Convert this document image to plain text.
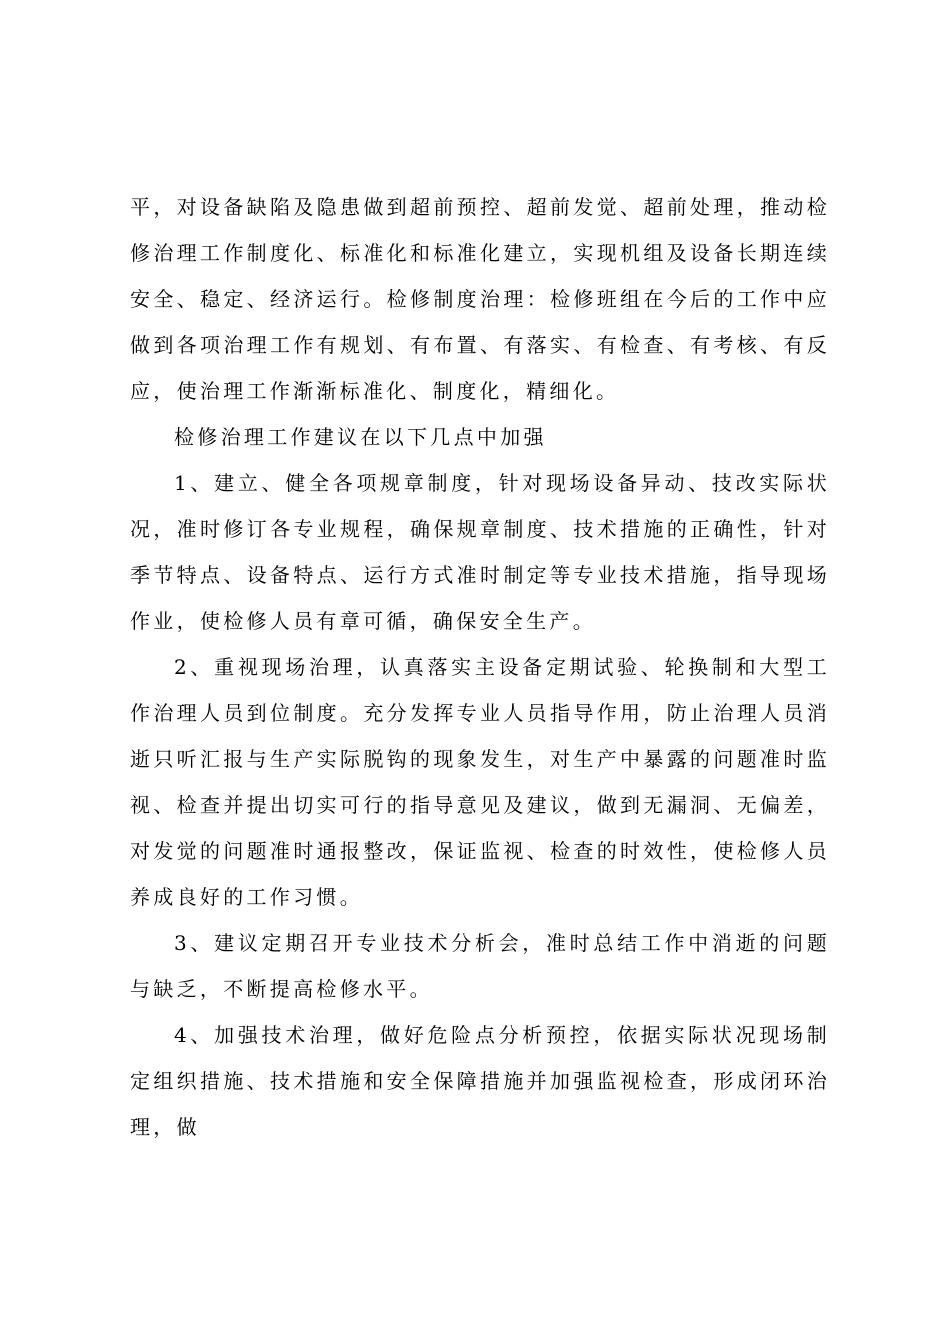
平，对设备缺陷及隐患做到超前预控、超前发觉、超前处理，推动检修治理工作制度化、标准化和标准化建立，实现机组及设备长期连续安全、稳定、经济运行。检修制度治理：检修班组在今后的工作中应做到各项治理工作有规划、有布置、有落实、有检查、有考核、有反应，使治理工作渐渐标准化、制度化，精细化。

检修治理工作建议在以下几点中加强

1、建立、健全各项规章制度，针对现场设备异动、技改实际状况，准时修订各专业规程，确保规章制度、技术措施的正确性，针对季节特点、设备特点、运行方式准时制定等专业技术措施，指导现场作业，使检修人员有章可循，确保安全生产。

2、重视现场治理，认真落实主设备定期试验、轮换制和大型工作治理人员到位制度。充分发挥专业人员指导作用，防止治理人员消逝只听汇报与生产实际脱钩的现象发生，对生产中暴露的问题准时监视、检查并提出切实可行的指导意见及建议，做到无漏洞、无偏差，对发觉的问题准时通报整改，保证监视、检查的时效性，使检修人员养成良好的工作习惯。

3、建议定期召开专业技术分析会，准时总结工作中消逝的问题与缺乏，不断提高检修水平。

4、加强技术治理，做好危险点分析预控，依据实际状况现场制定组织措施、技术措施和安全保障措施并加强监视检查，形成闭环治理，做
